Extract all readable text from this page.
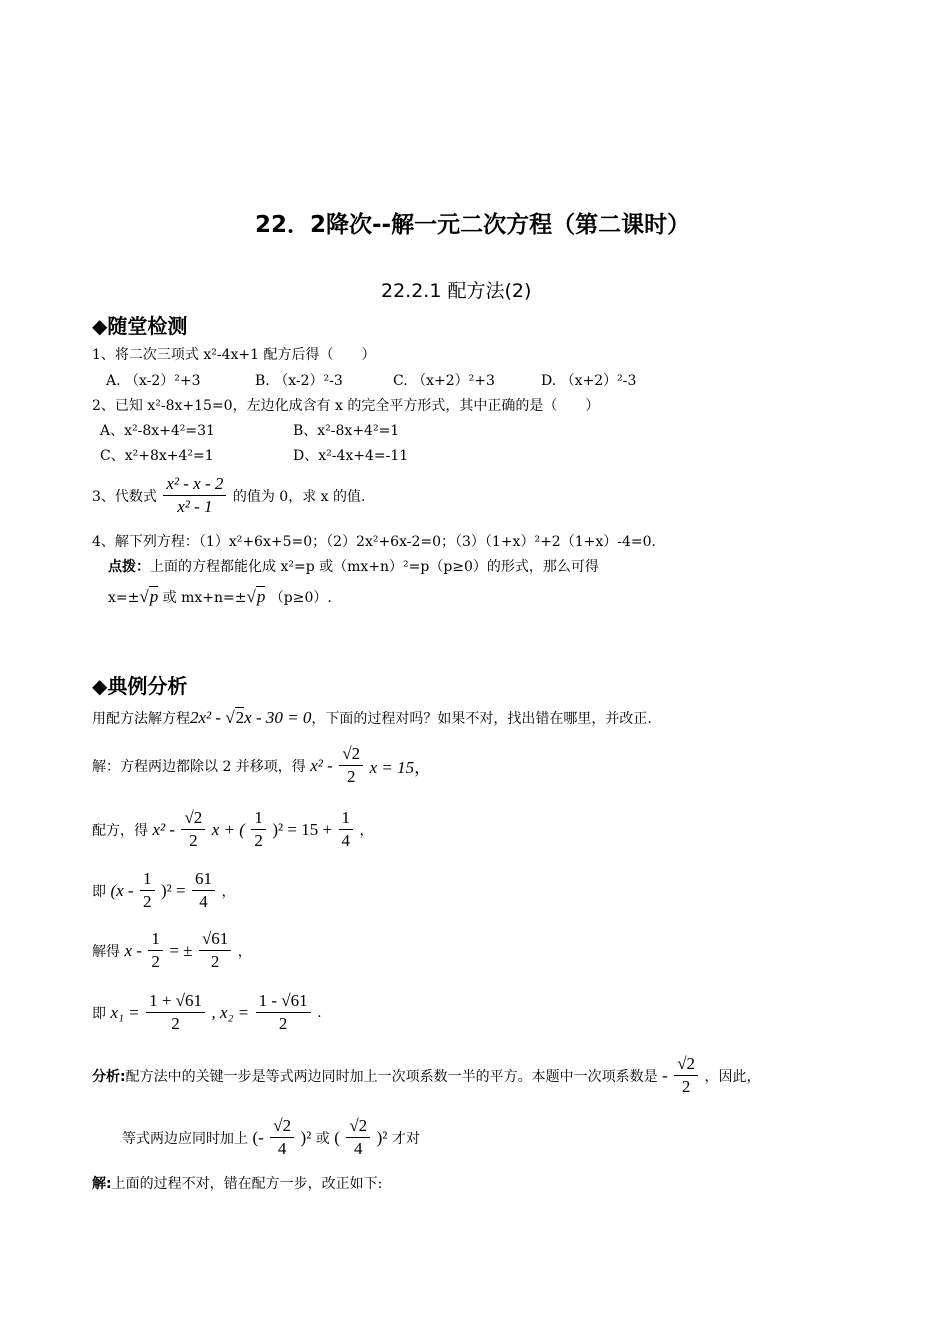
22．2降次--解一元二次方程（第二课时）
22.2.1 配方法(2)
◆随堂检测
1、将二次三项式 x²-4x+1 配方后得（　　）
A. （x-2）²+3	B. （x-2）²-3	C. （x+2）²+3	D. （x+2）²-3
2、已知 x²-8x+15=0，左边化成含有 x 的完全平方形式，其中正确的是（　　）
A、x²-8x+4²=31	B、x²-8x+4²=1
C、x²+8x+4²=1	D、x²-4x+4=-11
3、代数式 $\frac{\text{x² - x - 2}}{\text{x² - 1}}$ 的值为 0，求 x 的值.
4、解下列方程：（1）x²+6x+5=0；（2）2x²+6x-2=0；（3）（1+x）²+2（1+x）-4=0.
点拨：上面的方程都能化成 x²=p 或（mx+n）²=p（p≥0）的形式，那么可得
x=±√p 或 mx+n=±√p （p≥0）.
◆典例分析
用配方法解方程2x² - √2x - 30 = 0，下面的过程对吗？如果不对，找出错在哪里，并改正.
解：方程两边都除以 2 并移项，得 $x^2 - \frac{√2}{2}$ x = 15，
配方，得 $x^2 - \frac{√2}{2}$ x + ( $\frac{1}{2} )^2 = 15 + \frac{1}{4}$ ，
即 $(x - \frac{1}{2} )^2 = \frac{61}{4}$ ，
解得 x - $\frac{1}{2}$ = ± $\frac{√61}{2}$ ，
即 $x_1 = \frac{1 + √61}{2}$ , $x_2 = \frac{1 - √61}{2}$ .
分析:配方法中的关键一步是等式两边同时加上一次项系数一半的平方。本题中一次项系数是 - $\frac{√2}{2}$ ，因此，
等式两边应同时加上 (- $\frac{√2}{4} )^2$ 或 ( $\frac{√2}{4} )^2$ 才对
解:上面的过程不对，错在配方一步，改正如下:
